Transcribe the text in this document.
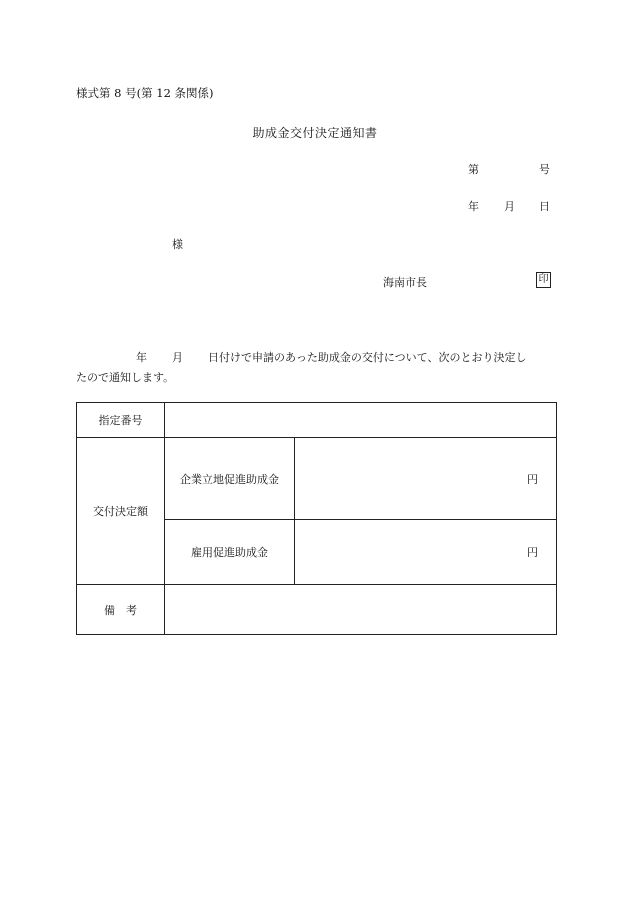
様式第 8 号(第 12 条関係)
助成金交付決定通知書
第	号
年 月 日
様
海南市長	印
年 月 日付けで申請のあった助成金の交付について、次のとおり決定し
たので通知します。
指定番号		
交付決定額	企業立地促進助成金	円
	雇用促進助成金	円
備　考		
